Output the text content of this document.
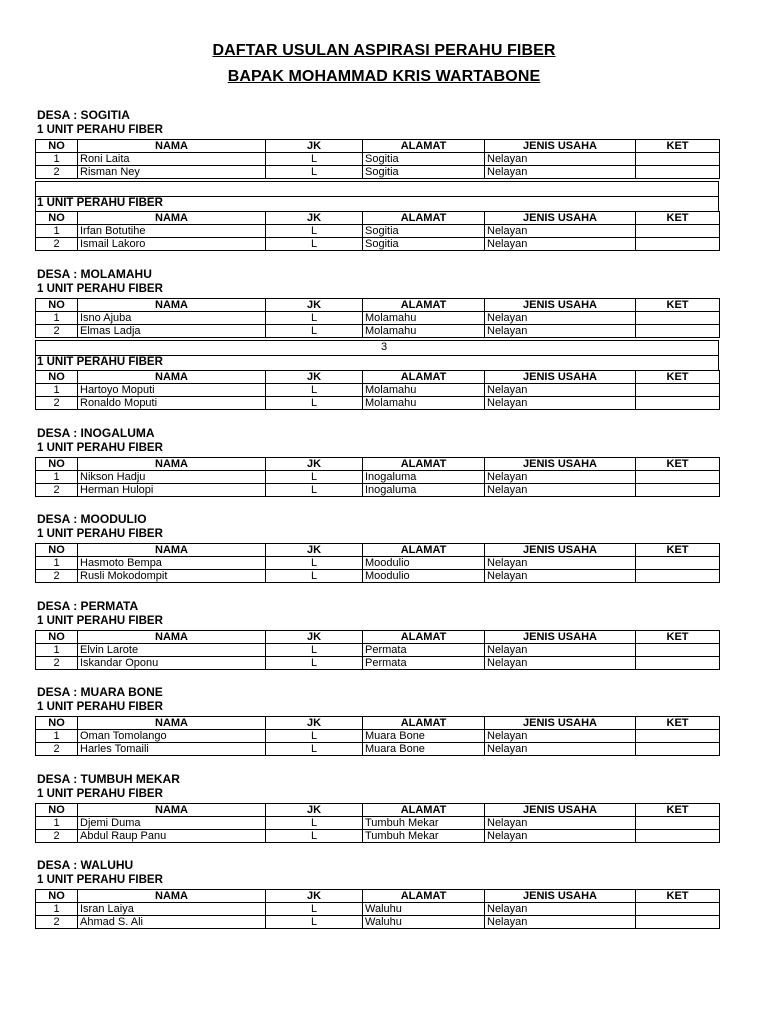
DAFTAR USULAN ASPIRASI PERAHU FIBER
BAPAK MOHAMMAD KRIS WARTABONE
DESA : SOGITIA
1 UNIT PERAHU FIBER
NO	NAMA	JK	ALAMAT	JENIS USAHA	KET
1	Roni Laita	L	Sogitia	Nelayan	
2	Risman Ney	L	Sogitia	Nelayan	
1 UNIT PERAHU FIBER
NO	NAMA	JK	ALAMAT	JENIS USAHA	KET
1	Irfan Botutihe	L	Sogitia	Nelayan	
2	Ismail Lakoro	L	Sogitia	Nelayan	
DESA : MOLAMAHU
1 UNIT PERAHU FIBER
NO	NAMA	JK	ALAMAT	JENIS USAHA	KET
1	Isno Ajuba	L	Molamahu	Nelayan	
2	Elmas Ladja	L	Molamahu	Nelayan	
1 UNIT PERAHU FIBER
NO	NAMA	JK	ALAMAT	JENIS USAHA	KET
1	Hartoyo Moputi	L	Molamahu	Nelayan	
2	Ronaldo Moputi	L	Molamahu	Nelayan	
DESA : INOGALUMA
1 UNIT PERAHU FIBER
NO	NAMA	JK	ALAMAT	JENIS USAHA	KET
1	Nikson Hadju	L	Inogaluma	Nelayan	
2	Herman Hulopi	L	Inogaluma	Nelayan	
DESA : MOODULIO
1 UNIT PERAHU FIBER
NO	NAMA	JK	ALAMAT	JENIS USAHA	KET
1	Hasmoto Bempa	L	Moodulio	Nelayan	
2	Rusli Mokodompit	L	Moodulio	Nelayan	
DESA : PERMATA
1 UNIT PERAHU FIBER
NO	NAMA	JK	ALAMAT	JENIS USAHA	KET
1	Elvin Larote	L	Permata	Nelayan	
2	Iskandar Oponu	L	Permata	Nelayan	
DESA : MUARA BONE
1 UNIT PERAHU FIBER
NO	NAMA	JK	ALAMAT	JENIS USAHA	KET
1	Oman Tomolango	L	Muara Bone	Nelayan	
2	Harles Tomaili	L	Muara Bone	Nelayan	
DESA : TUMBUH MEKAR
1 UNIT PERAHU FIBER
NO	NAMA	JK	ALAMAT	JENIS USAHA	KET
1	Djemi Duma	L	Tumbuh Mekar	Nelayan	
2	Abdul Raup Panu	L	Tumbuh Mekar	Nelayan	
DESA : WALUHU
1 UNIT PERAHU FIBER
NO	NAMA	JK	ALAMAT	JENIS USAHA	KET
1	Isran Laiya	L	Waluhu	Nelayan	
2	Ahmad S. Ali	L	Waluhu	Nelayan	
3
